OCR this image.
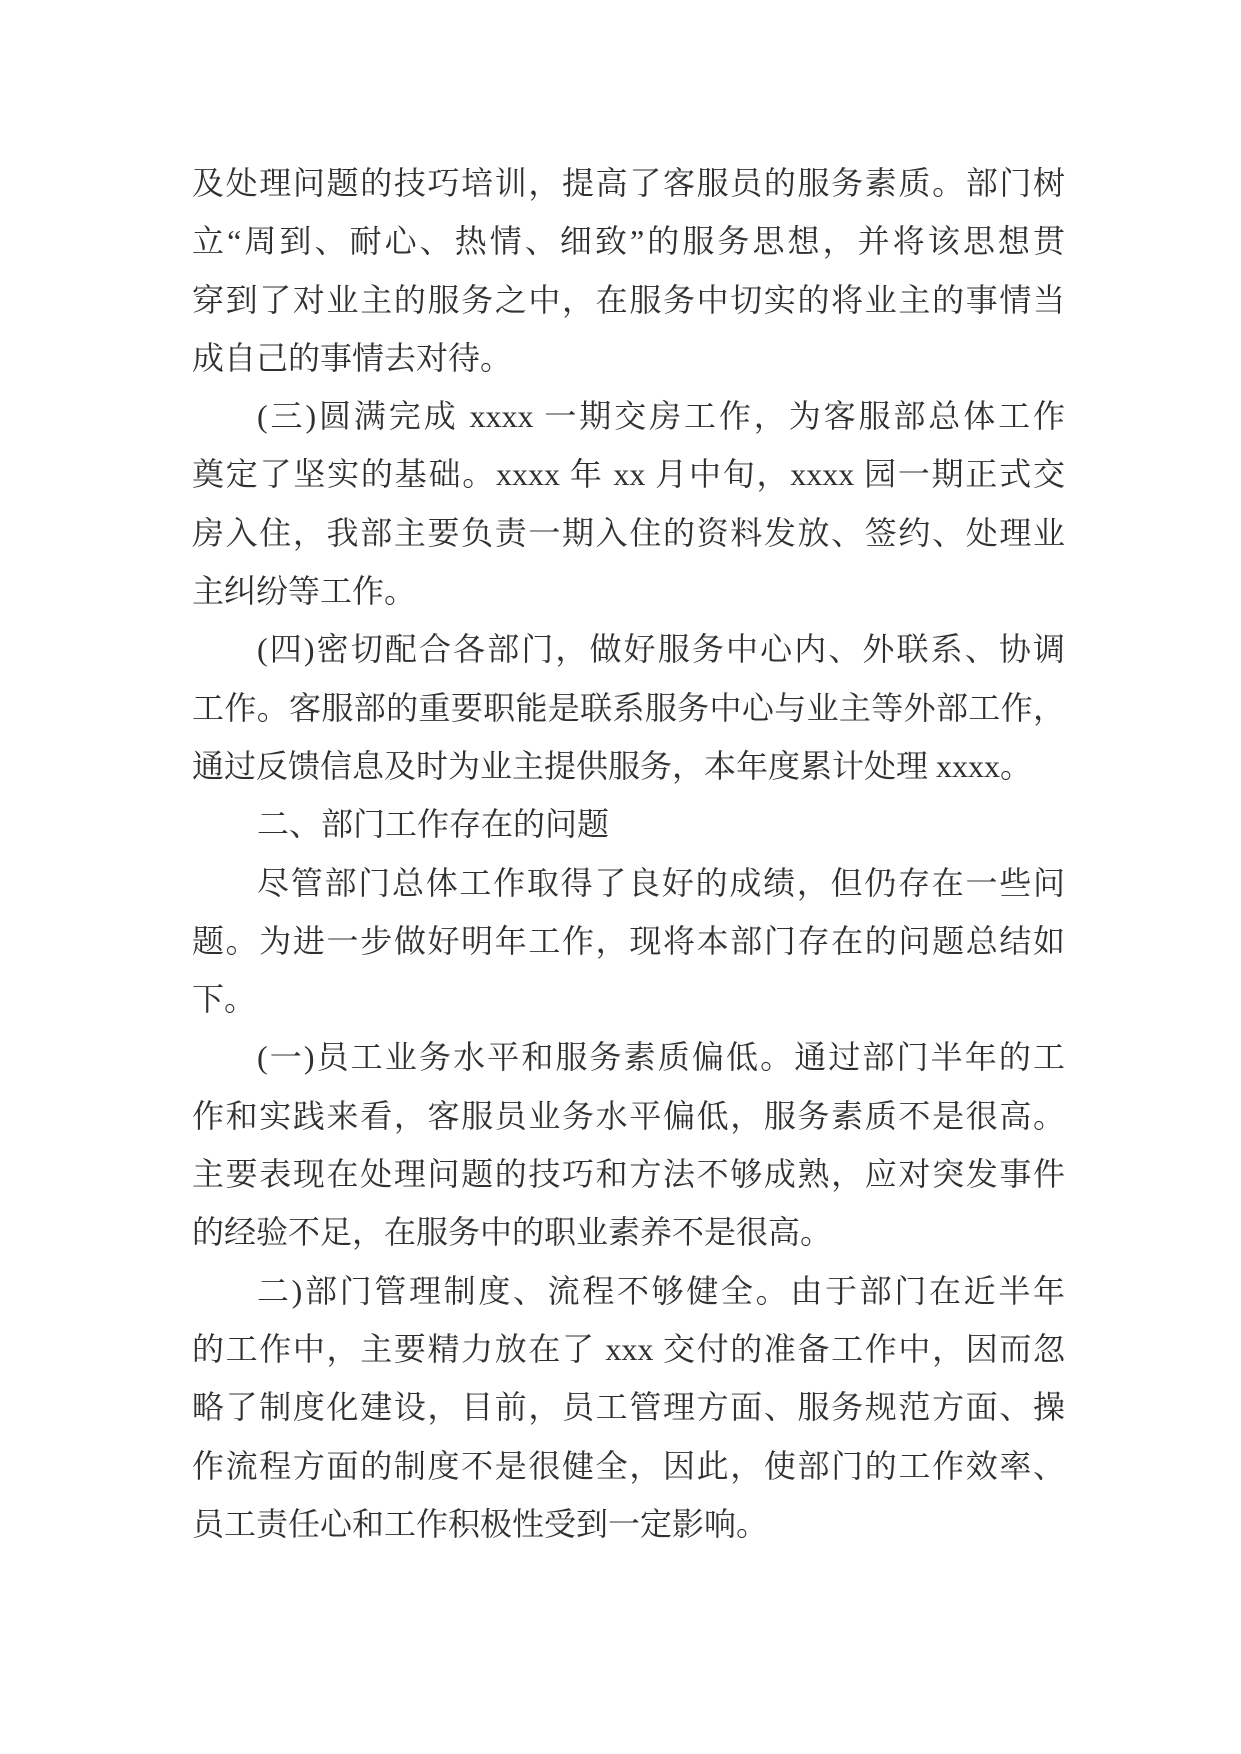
及处理问题的技巧培训，提高了客服员的服务素质。部门树
立“周到、耐心、热情、细致”的服务思想，并将该思想贯
穿到了对业主的服务之中，在服务中切实的将业主的事情当
成自己的事情去对待。
(三)圆满完成 xxxx 一期交房工作，为客服部总体工作
奠定了坚实的基础。xxxx 年 xx 月中旬，xxxx 园一期正式交
房入住，我部主要负责一期入住的资料发放、签约、处理业
主纠纷等工作。
(四)密切配合各部门，做好服务中心内、外联系、协调
工作。客服部的重要职能是联系服务中心与业主等外部工作，
通过反馈信息及时为业主提供服务，本年度累计处理 xxxx。
二、部门工作存在的问题
尽管部门总体工作取得了良好的成绩，但仍存在一些问
题。为进一步做好明年工作，现将本部门存在的问题总结如
下。
(一)员工业务水平和服务素质偏低。通过部门半年的工
作和实践来看，客服员业务水平偏低，服务素质不是很高。
主要表现在处理问题的技巧和方法不够成熟，应对突发事件
的经验不足，在服务中的职业素养不是很高。
二)部门管理制度、流程不够健全。由于部门在近半年
的工作中，主要精力放在了 xxx 交付的准备工作中，因而忽
略了制度化建设，目前，员工管理方面、服务规范方面、操
作流程方面的制度不是很健全，因此，使部门的工作效率、
员工责任心和工作积极性受到一定影响。
